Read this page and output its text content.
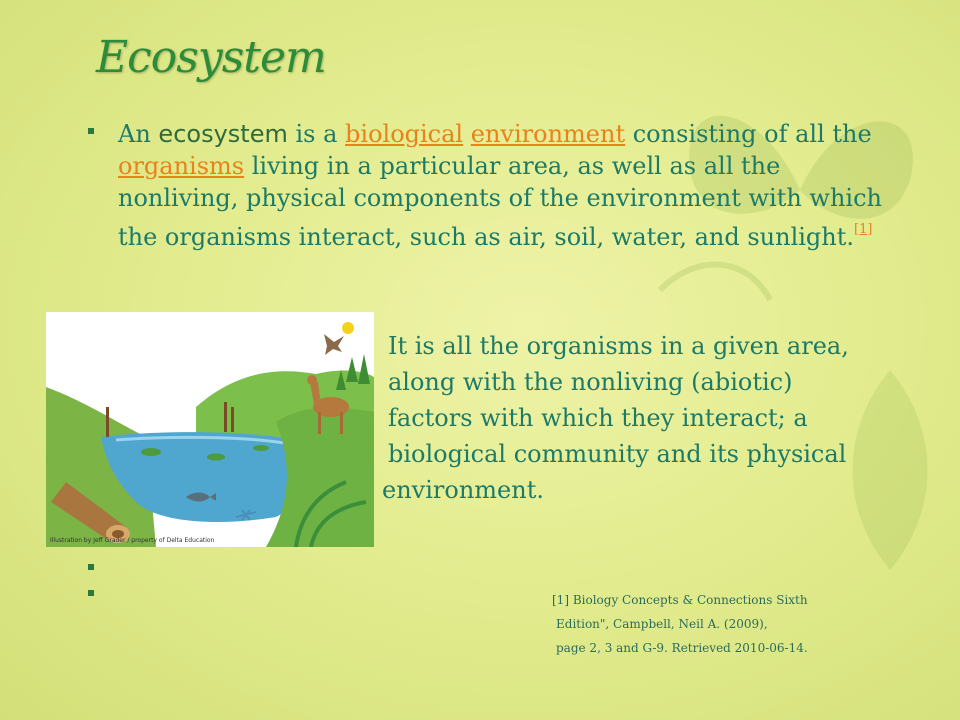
Ecosystem
An ecosystem is a biological environment consisting of all the organisms living in a particular area, as well as all the nonliving, physical components of the environment with which the organisms interact, such as air, soil, water, and sunlight.[1]
Illustration by Jeff Grader / property of Delta Education
It is all the organisms in a given area,
along with the nonliving (abiotic)
factors with which they interact; a
biological community and its physical
environment.
[1] Biology Concepts & Connections Sixth
Edition", Campbell, Neil A. (2009),
page 2, 3 and G-9. Retrieved 2010-06-14.
